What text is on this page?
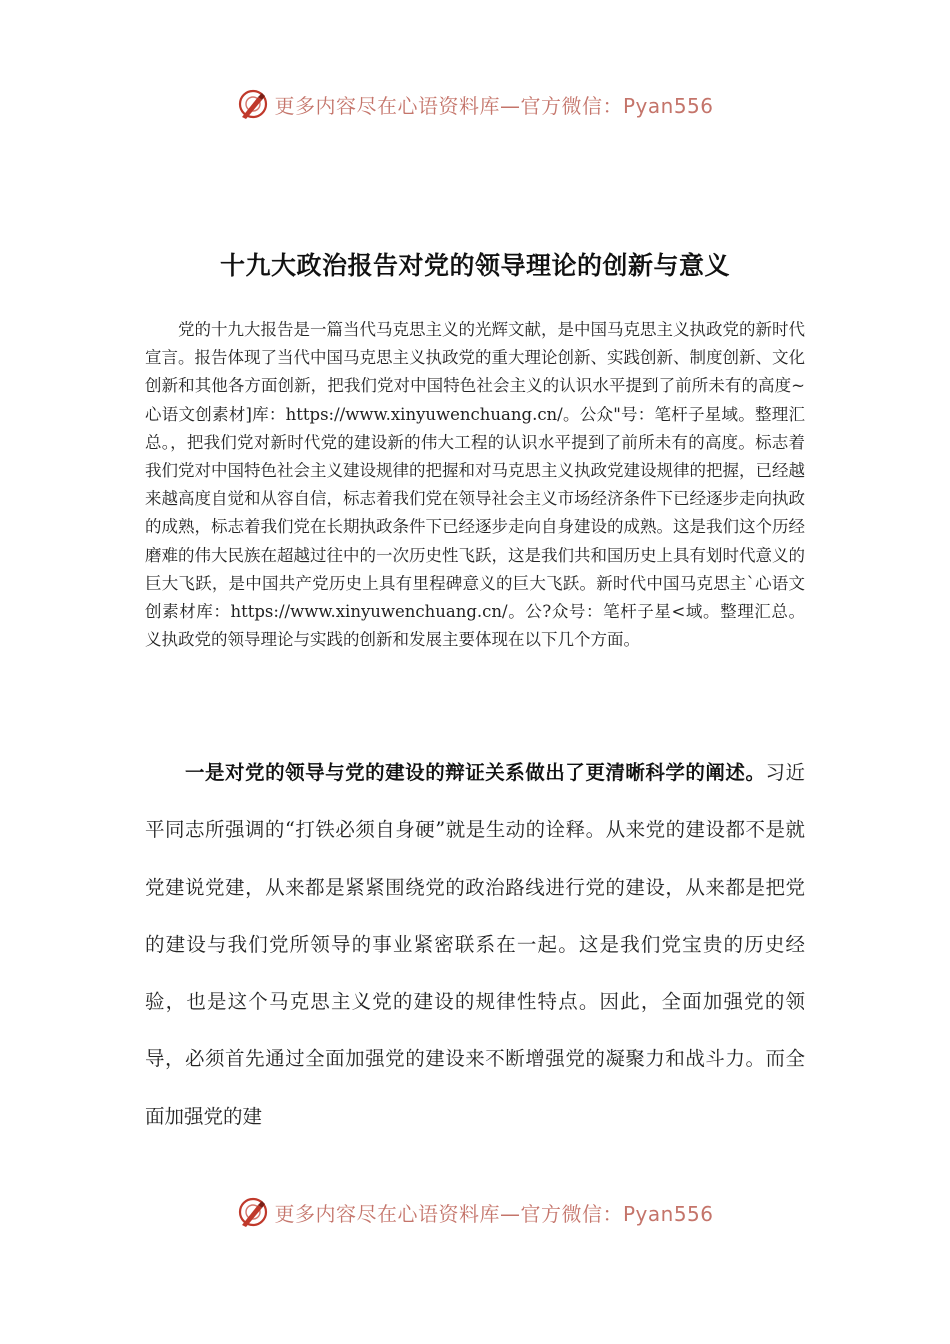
更多内容尽在心语资料库—官方微信：Pyan556
十九大政治报告对党的领导理论的创新与意义

党的十九大报告是一篇当代马克思主义的光辉文献，是中国马克思主义执政党的新时代宣言。报告体现了当代中国马克思主义执政党的重大理论创新、实践创新、制度创新、文化创新和其他各方面创新，把我们党对中国特色社会主义的认识水平提到了前所未有的高度~心语文创素材]库：https://www.xinyuwenchuang.cn/。公众"号：笔杆子星域。整理汇总。，把我们党对新时代党的建设新的伟大工程的认识水平提到了前所未有的高度。标志着我们党对中国特色社会主义建设规律的把握和对马克思主义执政党建设规律的把握，已经越来越高度自觉和从容自信，标志着我们党在领导社会主义市场经济条件下已经逐步走向执政的成熟，标志着我们党在长期执政条件下已经逐步走向自身建设的成熟。这是我们这个历经磨难的伟大民族在超越过往中的一次历史性飞跃，这是我们共和国历史上具有划时代意义的巨大飞跃，是中国共产党历史上具有里程碑意义的巨大飞跃。新时代中国马克思主`心语文创素材库：https://www.xinyuwenchuang.cn/。公?众号：笔杆子星<域。整理汇总。义执政党的领导理论与实践的创新和发展主要体现在以下几个方面。

一是对党的领导与党的建设的辩证关系做出了更清晰科学的阐述。习近平同志所强调的“打铁必须自身硬”就是生动的诠释。从来党的建设都不是就党建说党建，从来都是紧紧围绕党的政治路线进行党的建设，从来都是把党的建设与我们党所领导的事业紧密联系在一起。这是我们党宝贵的历史经验，也是这个马克思主义党的建设的规律性特点。因此，全面加强党的领导，必须首先通过全面加强党的建设来不断增强党的凝聚力和战斗力。而全面加强党的建

更多内容尽在心语资料库—官方微信：Pyan556
